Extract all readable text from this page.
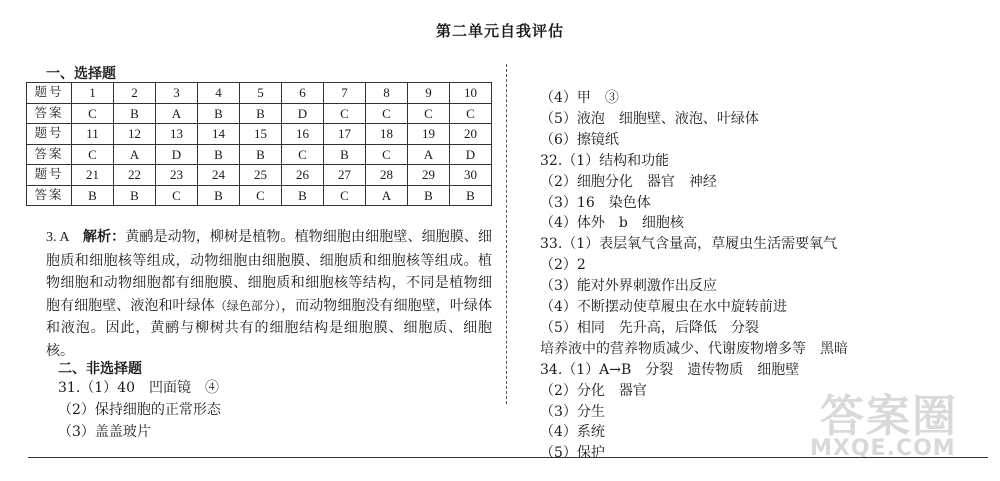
第二单元自我评估
一、选择题
题号	1	2	3	4	5	6	7	8	9	10
答案	C	B	A	B	B	D	C	C	C	C
题号	11	12	13	14	15	16	17	18	19	20
答案	C	A	D	B	B	C	B	C	A	D
题号	21	22	23	24	25	26	27	28	29	30
答案	B	B	C	B	C	B	C	A	B	B
3. A　解析：黄鹂是动物，柳树是植物。植物细胞由细胞壁、细胞膜、细胞质和细胞核等组成，动物细胞由细胞膜、细胞质和细胞核等组成。植物细胞和动物细胞都有细胞膜、细胞质和细胞核等结构，不同是植物细胞有细胞壁、液泡和叶绿体（绿色部分），而动物细胞没有细胞壁，叶绿体和液泡。因此，黄鹂与柳树共有的细胞结构是细胞膜、细胞质、细胞核。
二、非选择题
31.（1）40　凹面镜　④
（2）保持细胞的正常形态
（3）盖盖玻片
（4）甲　③
（5）液泡　细胞壁、液泡、叶绿体
（6）擦镜纸
32.（1）结构和功能
（2）细胞分化　器官　神经
（3）16　染色体
（4）体外　b　细胞核
33.（1）表层氧气含量高，草履虫生活需要氧气
（2）2
（3）能对外界刺激作出反应
（4）不断摆动使草履虫在水中旋转前进
（5）相同　先升高，后降低　分裂
培养液中的营养物质减少、代谢废物增多等　黑暗
34.（1）A→B　分裂　遗传物质　细胞壁
（2）分化　器官
（3）分生
（4）系统
（5）保护
答案圈
MXQE.COM
